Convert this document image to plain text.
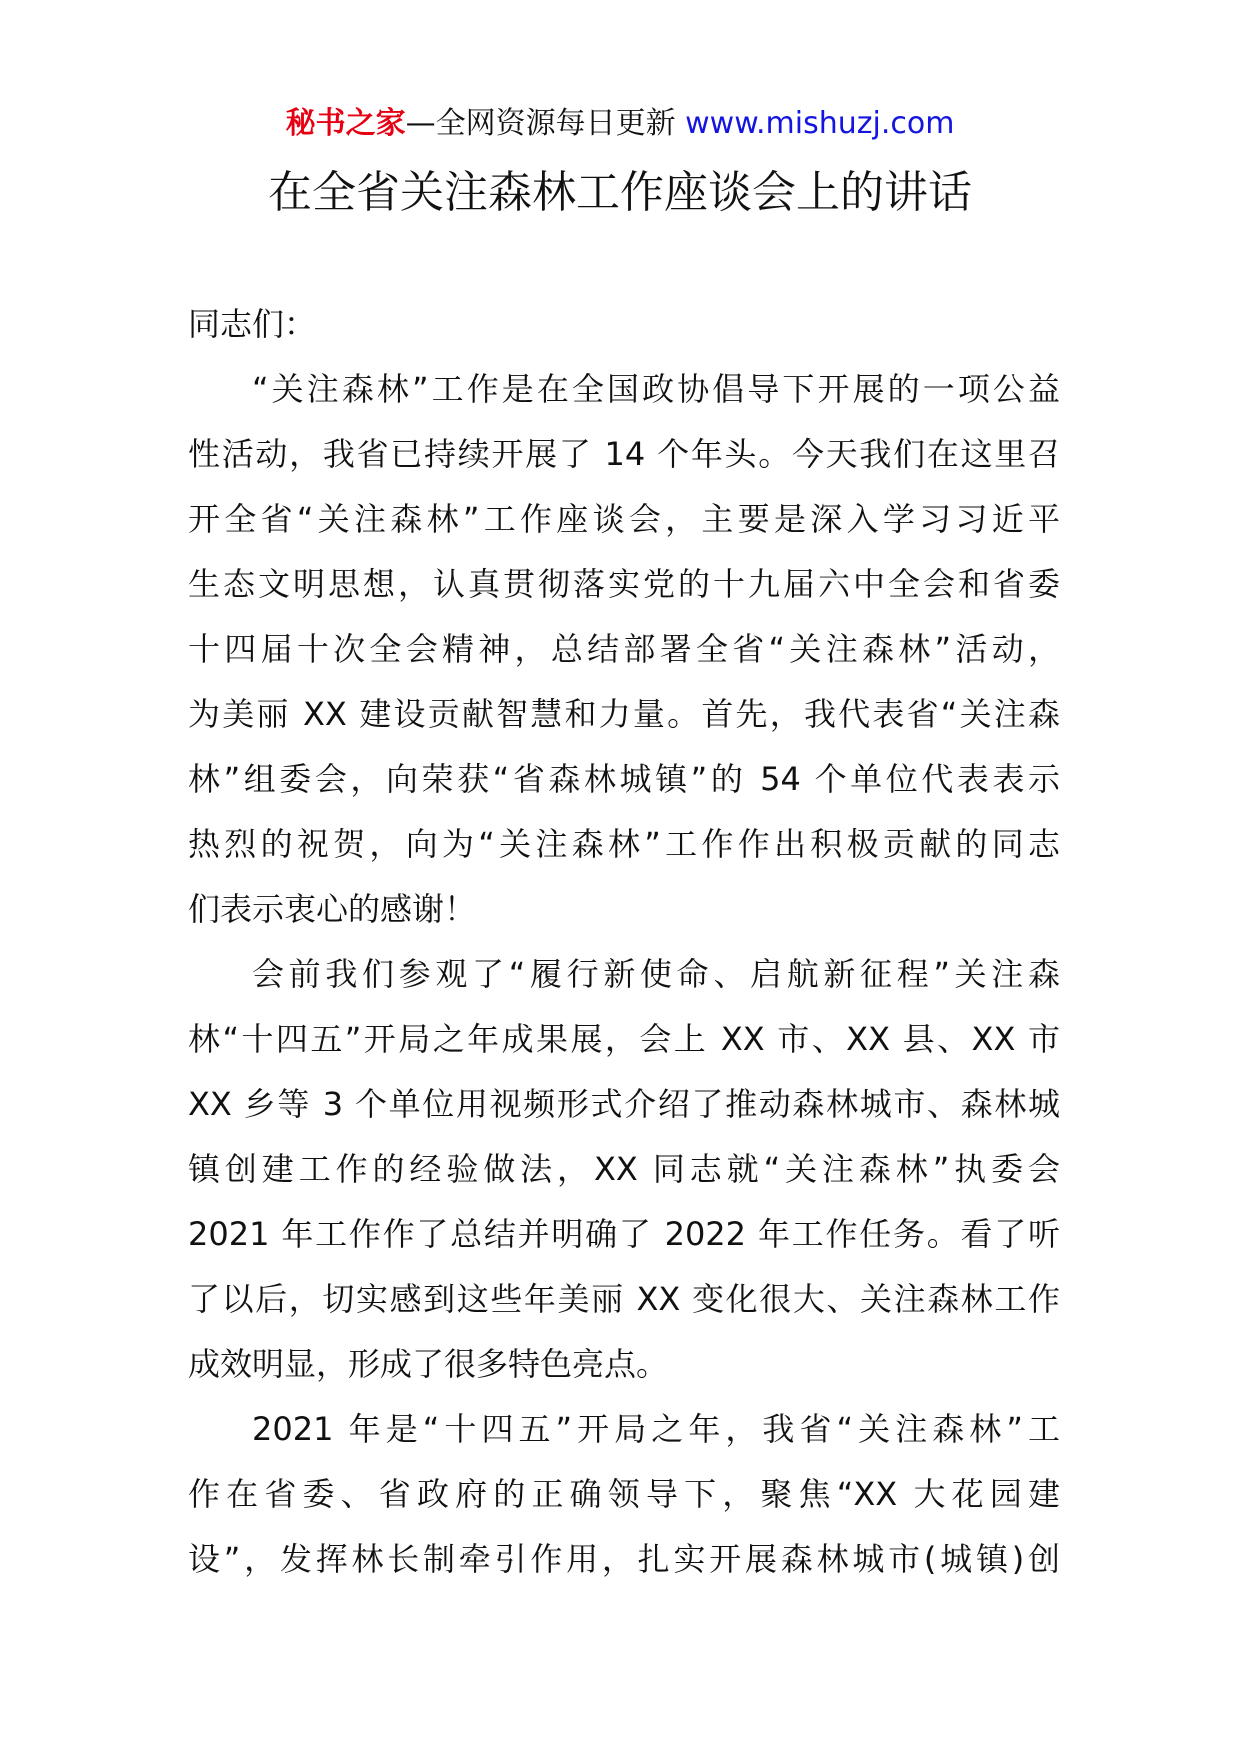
秘书之家—全网资源每日更新 www.mishuzj.com
在全省关注森林工作座谈会上的讲话
同志们：
“关注森林”工作是在全国政协倡导下开展的一项公益
性活动，我省已持续开展了 14 个年头。今天我们在这里召
开全省“关注森林”工作座谈会，主要是深入学习习近平
生态文明思想，认真贯彻落实党的十九届六中全会和省委
十四届十次全会精神，总结部署全省“关注森林”活动，
为美丽 XX 建设贡献智慧和力量。首先，我代表省“关注森
林”组委会，向荣获“省森林城镇”的 54 个单位代表表示
热烈的祝贺，向为“关注森林”工作作出积极贡献的同志
们表示衷心的感谢！
会前我们参观了“履行新使命、启航新征程”关注森
林“十四五”开局之年成果展，会上 XX 市、XX 县、XX 市
XX 乡等 3 个单位用视频形式介绍了推动森林城市、森林城
镇创建工作的经验做法，XX 同志就“关注森林”执委会
2021 年工作作了总结并明确了 2022 年工作任务。看了听
了以后，切实感到这些年美丽 XX 变化很大、关注森林工作
成效明显，形成了很多特色亮点。
2021 年是“十四五”开局之年，我省“关注森林”工
作在省委、省政府的正确领导下，聚焦“XX 大花园建
设”，发挥林长制牵引作用，扎实开展森林城市(城镇)创
